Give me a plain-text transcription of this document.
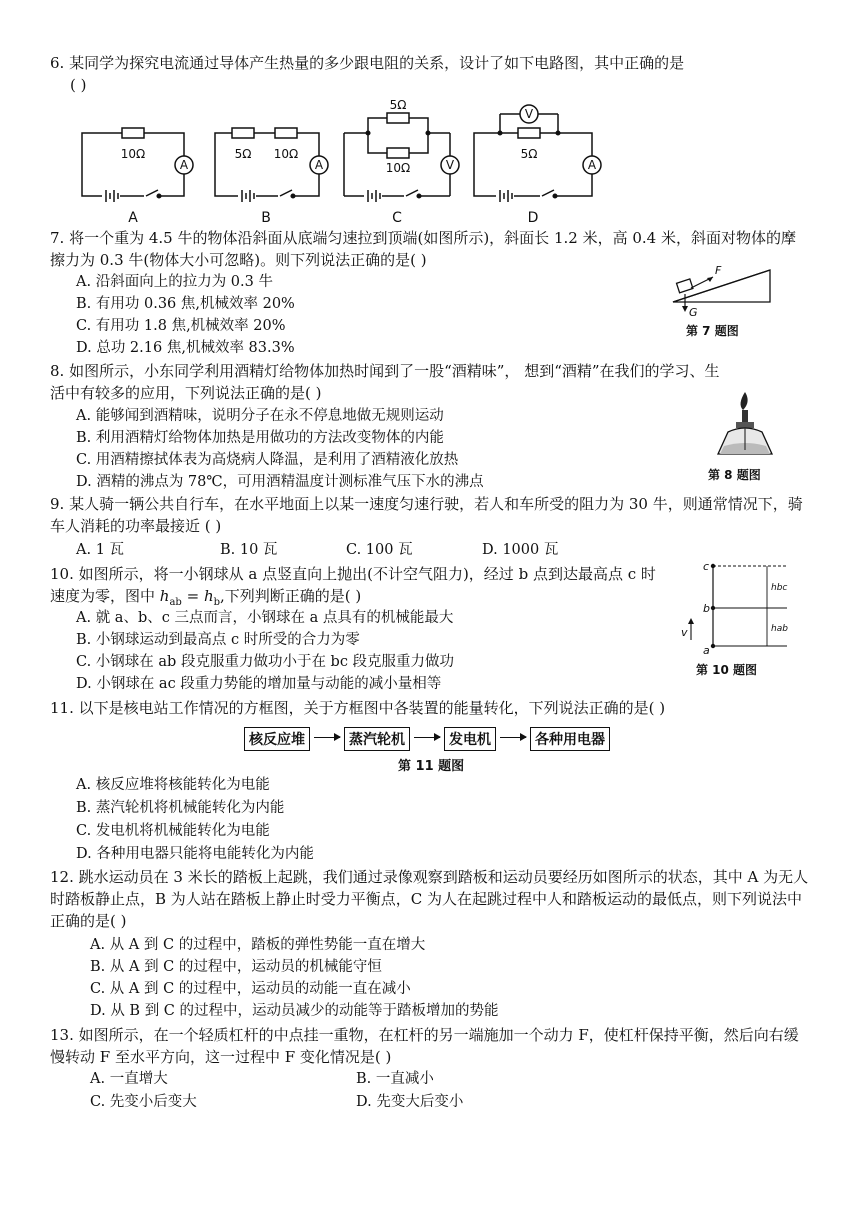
6. 某同学为探究电流通过导体产生热量的多少跟电阻的关系，设计了如下电路图，其中正确的是
( )
10Ω
A
A
5Ω 10Ω
A
B
5Ω
10Ω	V
C
V
5Ω
A
D
7. 将一个重为 4.5 牛的物体沿斜面从底端匀速拉到顶端(如图所示)，斜面长 1.2 米，高 0.4 米，斜面对物体的摩擦力为 0.3 牛(物体大小可忽略)。则下列说法正确的是( )
A. 沿斜面向上的拉力为 0.3 牛
B. 有用功 0.36 焦,机械效率 20%
C. 有用功 1.8 焦,机械效率 20%
D. 总功 2.16 焦,机械效率 83.3%
F
G
第 7 题图
8. 如图所示，小东同学利用酒精灯给物体加热时闻到了一股“酒精味”， 想到“酒精”在我们的学习、生活中有较多的应用，下列说法正确的是( )
A. 能够闻到酒精味，说明分子在永不停息地做无规则运动
B. 利用酒精灯给物体加热是用做功的方法改变物体的内能
C. 用酒精擦拭体表为高烧病人降温，是利用了酒精液化放热
D. 酒精的沸点为 78℃，可用酒精温度计测标准气压下水的沸点	第 8 题图
9. 某人骑一辆公共自行车，在水平地面上以某一速度匀速行驶，若人和车所受的阻力为 30 牛，则通常情况下，骑车人消耗的功率最接近 ( )
A. 1 瓦	B. 10 瓦	C. 100 瓦	D. 1000 瓦
10. 如图所示，将一小钢球从 a 点竖直向上抛出(不计空气阻力)，经过 b 点到达最高点 c 时速度为零，图中 $h_{ab} = h_b$,下列判断正确的是( )
A. 就 a、b、c 三点而言，小钢球在 a 点具有的机械能最大
B. 小钢球运动到最高点 c 时所受的合力为零
C. 小钢球在 ab 段克服重力做功小于在 bc 段克服重力做功
D. 小钢球在 ac 段重力势能的增加量与动能的减小量相等
c
b
a
hbc
hab
v
第 10 题图
11. 以下是核电站工作情况的方框图，关于方框图中各装置的能量转化，下列说法正确的是( )
核反应堆	蒸汽轮机	发电机	各种用电器
第 11 题图
A. 核反应堆将核能转化为电能
B. 蒸汽轮机将机械能转化为内能
C. 发电机将机械能转化为电能
D. 各种用电器只能将电能转化为内能
12. 跳水运动员在 3 米长的踏板上起跳，我们通过录像观察到踏板和运动员要经历如图所示的状态，其中 A 为无人时踏板静止点，B 为人站在踏板上静止时受力平衡点，C 为人在起跳过程中人和踏板运动的最低点，则下列说法中正确的是( )
A. 从 A 到 C 的过程中，踏板的弹性势能一直在增大
B. 从 A 到 C 的过程中，运动员的机械能守恒
C. 从 A 到 C 的过程中，运动员的动能一直在减小
D. 从 B 到 C 的过程中，运动员减少的动能等于踏板增加的势能
13. 如图所示，在一个轻质杠杆的中点挂一重物，在杠杆的另一端施加一个动力 F，使杠杆保持平衡，然后向右缓慢转动 F 至水平方向，这一过程中 F 变化情况是( )
A. 一直增大	B. 一直减小
C. 先变小后变大	D. 先变大后变小
